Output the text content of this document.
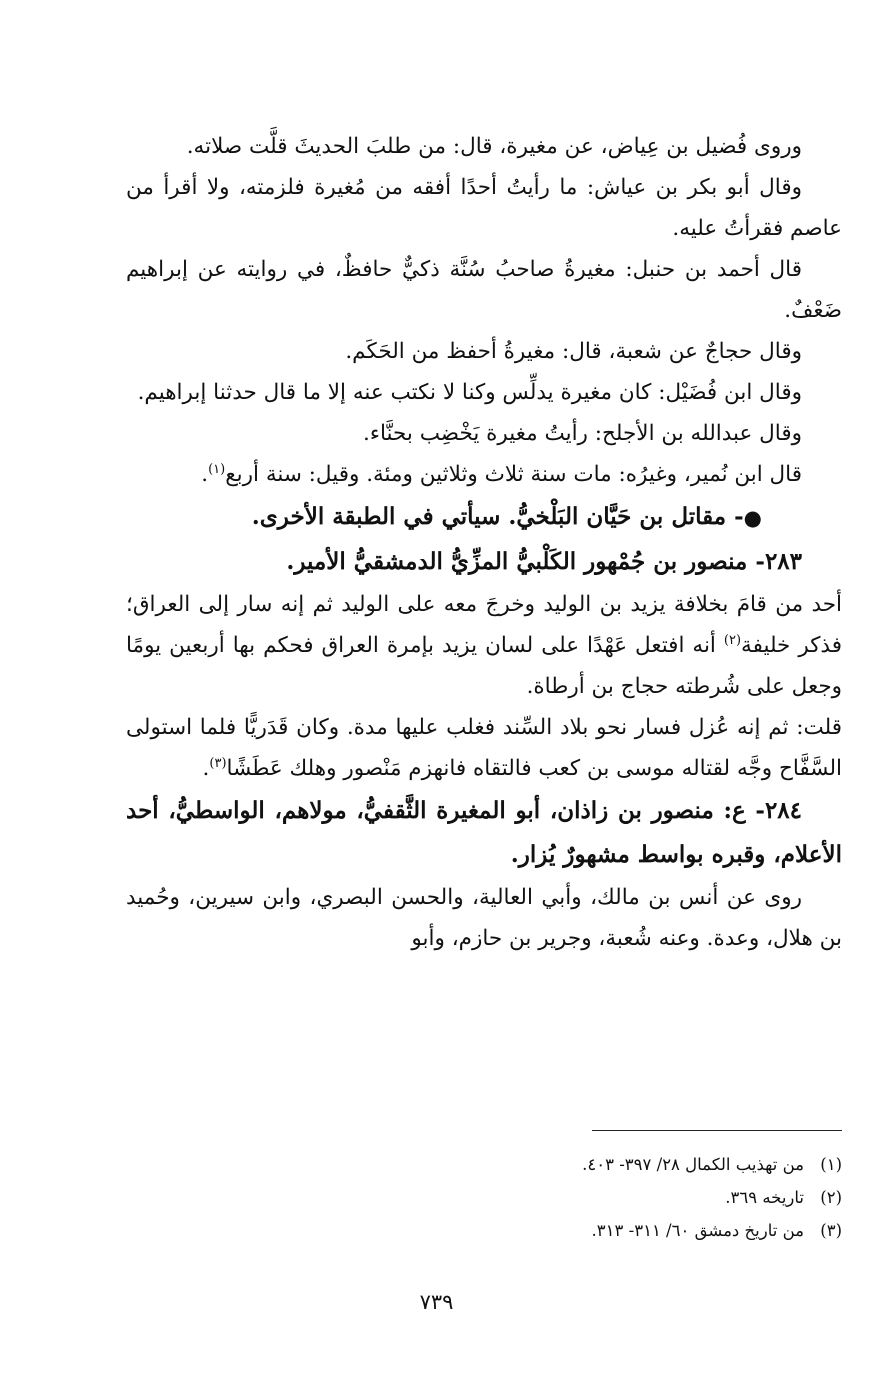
وروى فُضيل بن عِياض، عن مغيرة، قال: من طلبَ الحديثَ قلَّت صلاته.

وقال أبو بكر بن عياش: ما رأيتُ أحدًا أفقه من مُغيرة فلزمته، ولا أقرأ من عاصم فقرأتُ عليه.

قال أحمد بن حنبل: مغيرةُ صاحبُ سُنَّة ذكيٌّ حافظٌ، في روايته عن إبراهيم ضَعْفٌ.

وقال حجاجٌ عن شعبة، قال: مغيرةُ أحفظ من الحَكَم.

وقال ابن فُضَيْل: كان مغيرة يدلِّس وكنا لا نكتب عنه إلا ما قال حدثنا إبراهيم.

وقال عبدالله بن الأجلح: رأيتُ مغيرة يَخْضِب بحنَّاء.

قال ابن نُمير، وغيرُه: مات سنة ثلاث وثلاثين ومئة. وقيل: سنة أربع$^{(١)}$.

●- مقاتل بن حَيَّان البَلْخيُّ. سيأتي في الطبقة الأخرى.

٢٨٣- منصور بن جُمْهور الكَلْبيُّ المزِّيُّ الدمشقيُّ الأمير.

أحد من قامَ بخلافة يزيد بن الوليد وخرجَ معه على الوليد ثم إنه سار إلى العراق؛ فذكر خليفة$^{(٢)}$ أنه افتعل عَهْدًا على لسان يزيد بإمرة العراق فحكم بها أربعين يومًا وجعل على شُرطته حجاج بن أرطاة.

قلت: ثم إنه عُزل فسار نحو بلاد السِّند فغلب عليها مدة. وكان قَدَريًّا فلما استولى السَّفَّاح وجَّه لقتاله موسى بن كعب فالتقاه فانهزم مَنْصور وهلك عَطَشًا$^{(٣)}$.

٢٨٤- ع: منصور بن زاذان، أبو المغيرة الثَّقفيُّ، مولاهم، الواسطيُّ، أحد الأعلام، وقبره بواسط مشهورٌ يُزار.

روى عن أنس بن مالك، وأبي العالية، والحسن البصري، وابن سيرين، وحُميد بن هلال، وعدة. وعنه شُعبة، وجرير بن حازم، وأبو

(١)من تهذيب الكمال ٢٨/ ٣٩٧- ٤٠٣.

(٢)تاريخه ٣٦٩.

(٣)من تاريخ دمشق ٦٠/ ٣١١- ٣١٣.

٧٣٩
